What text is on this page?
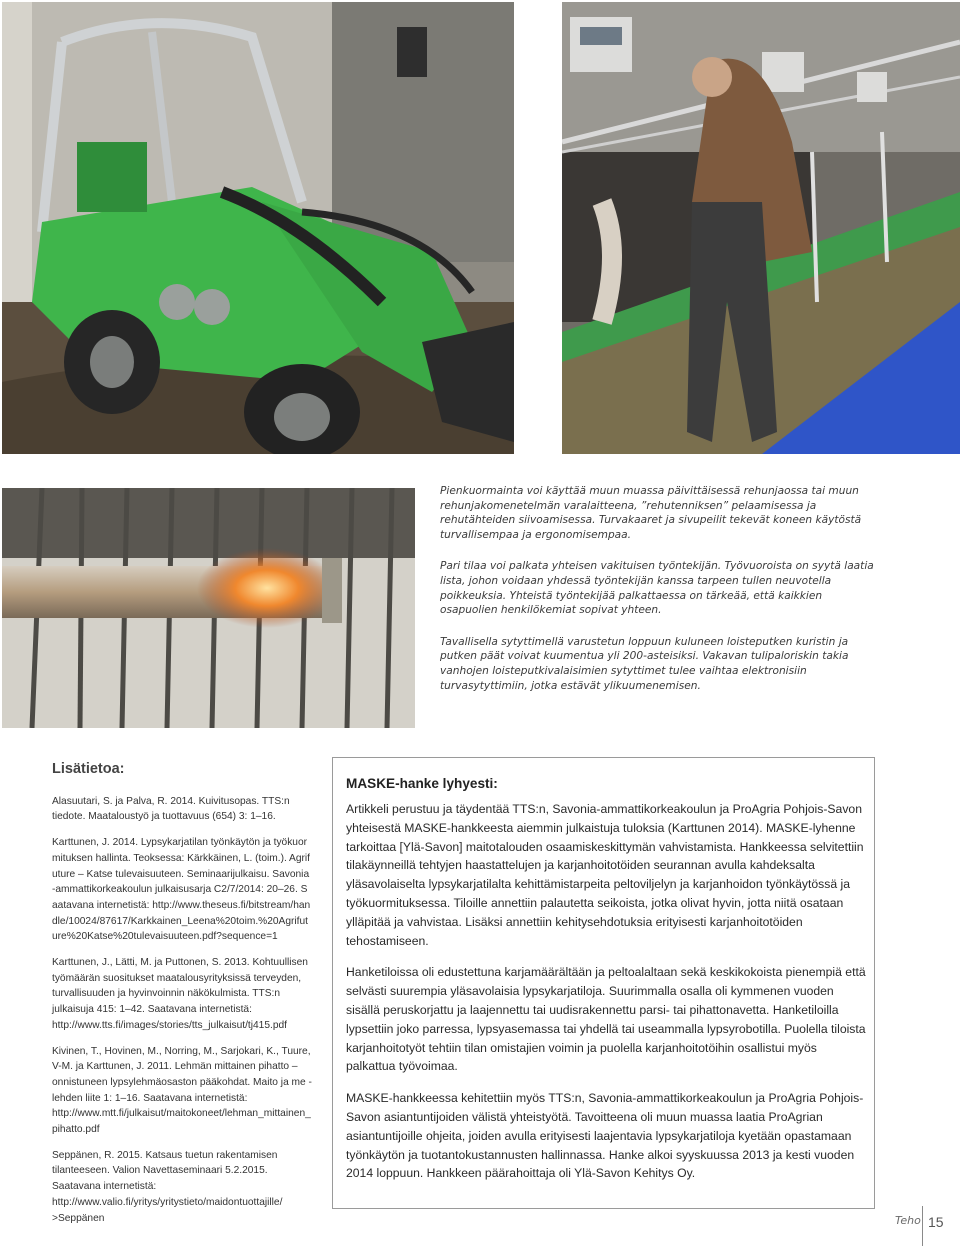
Pienkuormainta voi käyttää muun muassa päivittäisessä rehunjaossa tai muun rehunjakomenetelmän varalaitteena, ”rehutenniksen” pelaamisessa ja rehutähteiden siivoamisessa. Turvakaaret ja sivupeilit tekevät koneen käytöstä turvallisempaa ja ergonomisempaa.

Pari tilaa voi palkata yhteisen vakituisen työntekijän. Työvuoroista on syytä laatia lista, johon voidaan yhdessä työntekijän kanssa tarpeen tullen neuvotella poikkeuksia. Yhteistä työntekijää palkattaessa on tärkeää, että kaikkien osapuolien henkilökemiat sopivat yhteen.

Tavallisella sytyttimellä varustetun loppuun kuluneen loisteputken kuristin ja putken päät voivat kuumentua yli 200-asteisiksi. Vakavan tulipaloriskin takia vanhojen loisteputkivalaisimien sytyttimet tulee vaihtaa elektronisiin turvasytyttimiin, jotka estävät ylikuumenemisen.

Lisätietoa:

Alasuutari, S. ja Palva, R. 2014. Kuivitusopas. TTS:n tiedote. Maataloustyö ja tuottavuus (654) 3: 1–16.

Karttunen, J. 2014. Lypsykarjatilan työnkäytön ja työkuormituksen hallinta. Teoksessa: Kärkkäinen, L. (toim.). Agrifuture – Katse tulevaisuuteen. Seminaarijulkaisu. Savonia-ammattikorkeakoulun julkaisusarja C2/7/2014: 20–26. Saatavana internetistä: http://www.theseus.fi/bitstream/handle/10024/87617/Karkkainen_Leena%20toim.%20Agrifuture%20Katse%20tulevaisuuteen.pdf?sequence=1

Karttunen, J., Lätti, M. ja Puttonen, S. 2013. Kohtuullisen työmäärän suositukset maatalousyrityksissä terveyden, turvallisuuden ja hyvinvoinnin näkökulmista. TTS:n julkaisuja 415: 1–42. Saatavana internetistä: http://www.tts.fi/images/stories/tts_julkaisut/tj415.pdf

Kivinen, T., Hovinen, M., Norring, M., Sarjokari, K., Tuure, V-M. ja Karttunen, J. 2011. Lehmän mittainen pihatto – onnistuneen lypsylehmäosaston pääkohdat. Maito ja me -lehden liite 1: 1–16. Saatavana internetistä: http://www.mtt.fi/julkaisut/maitokoneet/lehman_mittainen_pihatto.pdf

Seppänen, R. 2015. Katsaus tuetun rakentamisen tilanteeseen. Valion Navettaseminaari 5.2.2015. Saatavana internetistä: http://www.valio.fi/yritys/yritystieto/maidontuottajille/ >Seppänen

MASKE-hanke lyhyesti:

Artikkeli perustuu ja täydentää TTS:n, Savonia-ammattikorkeakoulun ja ProAgria Pohjois-Savon yhteisestä MASKE-hankkeesta aiemmin julkaistuja tuloksia (Karttunen 2014). MASKE-lyhenne tarkoittaa [Ylä-Savon] maitotalouden osaamiskeskittymän vahvistamista. Hankkeessa selvitettiin tilakäynneillä tehtyjen haastattelujen ja karjanhoitotöiden seurannan avulla kahdeksalta yläsavolaiselta lypsykarjatilalta kehittämistarpeita peltoviljelyn ja karjanhoidon työnkäytössä ja työkuormituksessa. Tiloille annettiin palautetta seikoista, jotka olivat hyvin, jotta niitä osataan ylläpitää ja vahvistaa. Lisäksi annettiin kehitysehdotuksia erityisesti karjanhoitotöiden tehostamiseen.

Hanketiloissa oli edustettuna karjamäärältään ja peltoalaltaan sekä keskikokoista pienempiä että selvästi suurempia yläsavolaisia lypsykarjatiloja. Suurimmalla osalla oli kymmenen vuoden sisällä peruskorjattu ja laajennettu tai uudisrakennettu parsi- tai pihattonavetta. Hanketiloilla lypsettiin joko parressa, lypsyasemassa tai yhdellä tai useammalla lypsyrobotilla. Puolella tiloista karjanhoitotyöt tehtiin tilan omistajien voimin ja puolella karjanhoitotöihin osallistui myös palkattua työvoimaa.

MASKE-hankkeessa kehitettiin myös TTS:n, Savonia-ammattikorkeakoulun ja ProAgria Pohjois-Savon asiantuntijoiden välistä yhteistyötä. Tavoitteena oli muun muassa laatia ProAgrian asiantuntijoille ohjeita, joiden avulla erityisesti laajentavia lypsykarjatiloja kyetään opastamaan työnkäytön ja tuotantokustannusten hallinnassa. Hanke alkoi syyskuussa 2013 ja kesti vuoden 2014 loppuun. Hankkeen päärahoittaja oli Ylä-Savon Kehitys Oy.

Teho 15
